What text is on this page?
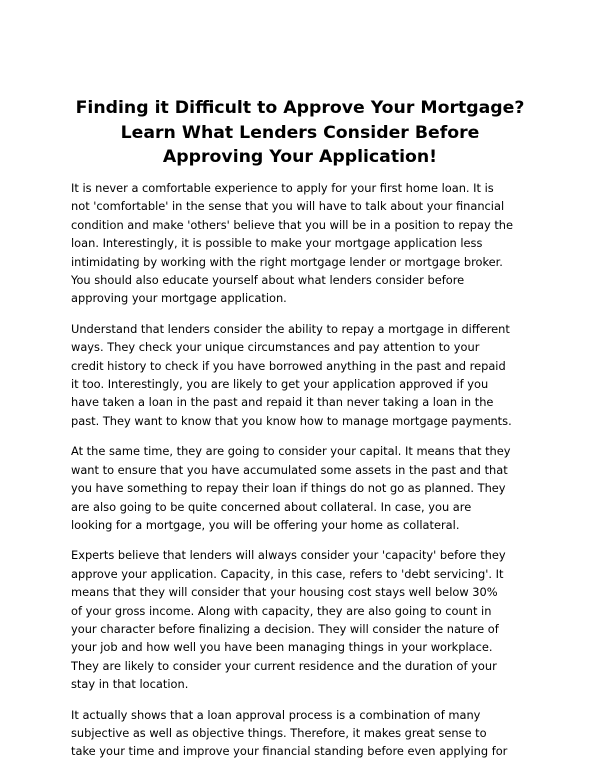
Finding it Difficult to Approve Your Mortgage?
Learn What Lenders Consider Before
Approving Your Application!

It is never a comfortable experience to apply for your first home loan. It is
not 'comfortable' in the sense that you will have to talk about your financial
condition and make 'others' believe that you will be in a position to repay the
loan. Interestingly, it is possible to make your mortgage application less
intimidating by working with the right mortgage lender or mortgage broker.
You should also educate yourself about what lenders consider before
approving your mortgage application.

Understand that lenders consider the ability to repay a mortgage in different
ways. They check your unique circumstances and pay attention to your
credit history to check if you have borrowed anything in the past and repaid
it too. Interestingly, you are likely to get your application approved if you
have taken a loan in the past and repaid it than never taking a loan in the
past. They want to know that you know how to manage mortgage payments.

At the same time, they are going to consider your capital. It means that they
want to ensure that you have accumulated some assets in the past and that
you have something to repay their loan if things do not go as planned. They
are also going to be quite concerned about collateral. In case, you are
looking for a mortgage, you will be offering your home as collateral.

Experts believe that lenders will always consider your 'capacity' before they
approve your application. Capacity, in this case, refers to 'debt servicing'. It
means that they will consider that your housing cost stays well below 30%
of your gross income. Along with capacity, they are also going to count in
your character before finalizing a decision. They will consider the nature of
your job and how well you have been managing things in your workplace.
They are likely to consider your current residence and the duration of your
stay in that location.

It actually shows that a loan approval process is a combination of many
subjective as well as objective things. Therefore, it makes great sense to
take your time and improve your financial standing before even applying for
